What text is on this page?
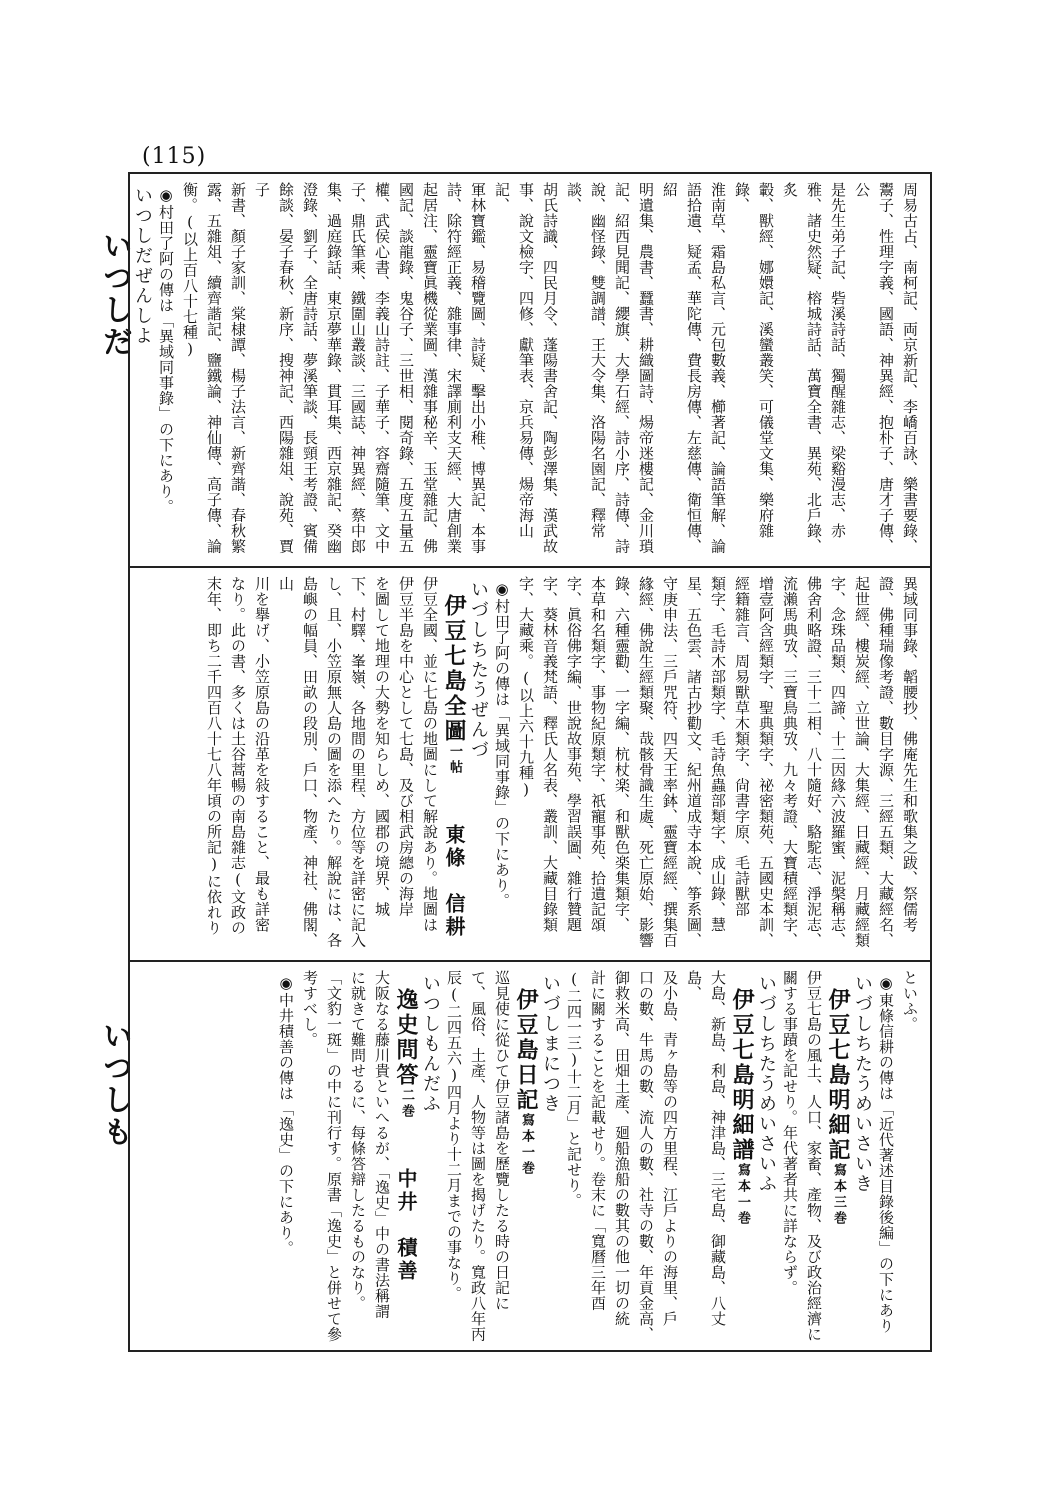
(115)
いつしだ
いつしも
周易古占、南柯記、両京新記、李嶠百詠、樂書要錄、
鬻子、性理字義、國語、神異經、抱朴子、唐才子傳、公
是先生弟子記、砦溪詩話、獨醒雜志、梁谿漫志、赤
雅、諸史然疑、榕城詩話、萬寶全書、異苑、北戶錄、炙
轂、獸經、娜嬛記、溪蠻叢笑、可儀堂文集、樂府雜錄、
淮南草、霜島私言、元包數義、櫛著記、論語筆解、論
語拾遺、疑孟、華陀傳、費長房傳、左慈傳、衛恒傳、紹
明遺集、農書、蠶書、耕織圖詩、煬帝迷樓記、金川瑣
記、紹西見聞記、纓旗、大學石經、詩小序、詩傳、詩
說、幽怪錄、雙調譜、王大令集、洛陽名園記、釋常談、
胡氏詩識、四民月令、蓬陽書舍記、陶彭澤集、漢武故
事、說文檢字、四修、獻筆表、京兵易傳、煬帝海山記、
軍林寶鑑、易稽覽圖、詩疑、擊出小稚、博異記、本事
詩、除符經正義、雜事律、宋譯廁利支天經、大唐創業
起居注、靈寶眞機從業圖、漢雜事秘辛、玉堂雜記、佛
國記、談龍錄、鬼谷子、三世相、閱奇錄、五度五量五
權、武侯心書、李義山詩註、子華子、容齋隨筆、文中
子、鼎氏筆乘、鐵圍山叢談、三國誌、神異經、蔡中郎
集、過庭錄話、東京夢華錄、貫耳集、西京雜記、癸幽
澄錄、劉子、全唐詩話、夢溪筆談、長頸王考證、賓備
餘談、晏子春秋、新序、搜神記、西陽雜俎、說苑、賈子
新書、顏子家訓、棠棣譚、楊子法言、新齊諧、春秋繁
露、五雜俎、續齊諧記、鹽鐵論、神仙傳、高子傳、論
衡。(以上百八十七種)
◉村田了阿の傳は「異域同事錄」の下にあり。
いつしだぜんしよ
異域同事錄、韜腰抄、佛庵先生和歌集之跋、祭儒考
證、佛種瑞像考證、數目字源、三經五類、大藏經名、
起世經、樓炭經、立世論、大集經、日藏經、月藏經類
字、念珠品類、四諦、十二因緣六波羅蜜、泥槃稱志、
佛舍利略證、三十二相、八十隨好、駱駝志、淨泥志、
流瀨馬典攷、三寶鳥典攷、九々考證、大寶積經類字、
增壹阿含經類字、聖典類字、祕密類苑、五國史本訓、
經籍雜言、周易獸草木類字、尙書字原、毛詩獸部
類字、毛詩木部類字、毛詩魚蟲部類字、成山錄、慧
星、五色雲、諸古抄勸文、紀州道成寺本說、筝系圖、
守庚申法、三戶咒符、四天王率鉢、靈寶經經、撰集百
緣經、佛說生經類聚、哉骸骨識生處、死亡原始、影響
錄、六種靈勸、一字編、杭杖楽、和獸色楽集類字、
本草和名類字、事物紀原類字、祇寵事苑、拾遺記頌
字、眞俗佛字編、世說故事苑、學習誤圖、雜行贊題
字、葵林音義梵語、釋氏人名表、叢訓、大藏目錄類
字、大藏乘。(以上六十九種)
◉村田了阿の傳は「異域同事錄」の下にあり。
いづしちたうぜんづ
伊豆七島全圖一帖東條　信耕
伊豆全國、並に七島の地圖にして解說あり。地圖は
伊豆半島を中心として七島、及び相武房總の海岸
を圖して地理の大勢を知らしめ、國郡の境界、城
下、村驛、峯嶺、各地間の里程、方位等を詳密に記入
し、且、小笠原無人島の圖を添へたり。解說には、各
島嶼の幅員、田畝の段別、戶口、物產、神社、佛閣、山
川を擧げ、小笠原島の沿革を敍すること、最も詳密
なり。此の書、多くは土谷蒿暢の南島雜志(文政の
末年、即ち二千四百八十七八年頃の所記)に依れり
といふ。
◉東條信耕の傳は「近代著述目錄後編」の下にあり
いづしちたうめいさいき
伊豆七島明細記寫本三巻
伊豆七島の風土、人口、家畜、產物、及び政治經濟に
關する事蹟を記せり。年代著者共に詳ならず。
いづしちたうめいさいふ
伊豆七島明細譜寫本一巻
大島、新島、利島、神津島、三宅島、御藏島、八丈島、
及小島、青ヶ島等の四方里程、江戶よりの海里、戶
口の數、牛馬の數、流人の數、社寺の數、年貢金高、
御救米高、田畑土產、廻船漁船の數其の他一切の統
計に關することを記載せり。卷末に「寬曆三年酉
(二四一三)十二月」と記せり。
いづしまにつき
伊豆島日記寫本一巻
巡見使に從ひて伊豆諸島を歷覽したる時の日記に
て、風俗、土產、人物等は圖を揭げたり。寬政八年丙
辰(二四五六)四月より十二月までの事なり。
いつしもんだふ
逸史問答二巻中井　積善
大阪なる藤川貴といへるが、「逸史」中の書法稱謂
に就きて難問せるに、每條答辯したるものなり。
「文豹一斑」の中に刊行す。原書「逸史」と併せて參
考すべし。
◉中井積善の傳は「逸史」の下にあり。
